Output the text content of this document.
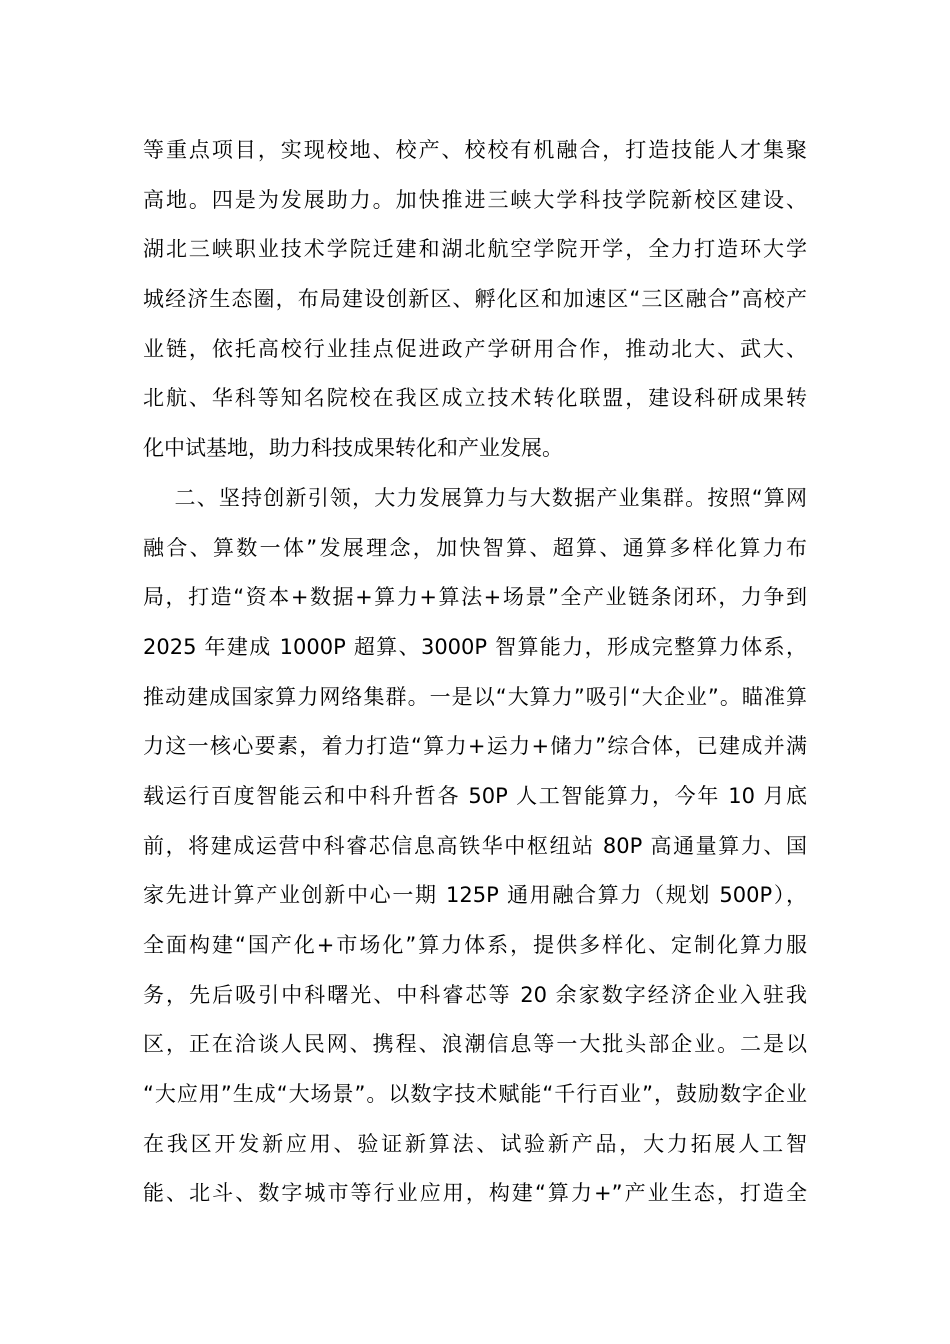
等重点项目，实现校地、校产、校校有机融合，打造技能人才集聚
高地。四是为发展助力。加快推进三峡大学科技学院新校区建设、
湖北三峡职业技术学院迁建和湖北航空学院开学，全力打造环大学
城经济生态圈，布局建设创新区、孵化区和加速区“三区融合”高校产
业链，依托高校行业挂点促进政产学研用合作，推动北大、武大、
北航、华科等知名院校在我区成立技术转化联盟，建设科研成果转
化中试基地，助力科技成果转化和产业发展。
二、坚持创新引领，大力发展算力与大数据产业集群。按照“算网
融合、算数一体”发展理念，加快智算、超算、通算多样化算力布
局，打造“资本+数据+算力+算法+场景”全产业链条闭环，力争到
2025 年建成 1000P 超算、3000P 智算能力，形成完整算力体系，
推动建成国家算力网络集群。一是以“大算力”吸引“大企业”。瞄准算
力这一核心要素，着力打造“算力+运力+储力”综合体，已建成并满
载运行百度智能云和中科升哲各 50P 人工智能算力，今年 10 月底
前，将建成运营中科睿芯信息高铁华中枢纽站 80P 高通量算力、国
家先进计算产业创新中心一期 125P 通用融合算力（规划 500P），
全面构建“国产化+市场化”算力体系，提供多样化、定制化算力服
务，先后吸引中科曙光、中科睿芯等 20 余家数字经济企业入驻我
区，正在洽谈人民网、携程、浪潮信息等一大批头部企业。二是以
“大应用”生成“大场景”。以数字技术赋能“千行百业”，鼓励数字企业
在我区开发新应用、验证新算法、试验新产品，大力拓展人工智
能、北斗、数字城市等行业应用，构建“算力+”产业生态，打造全
